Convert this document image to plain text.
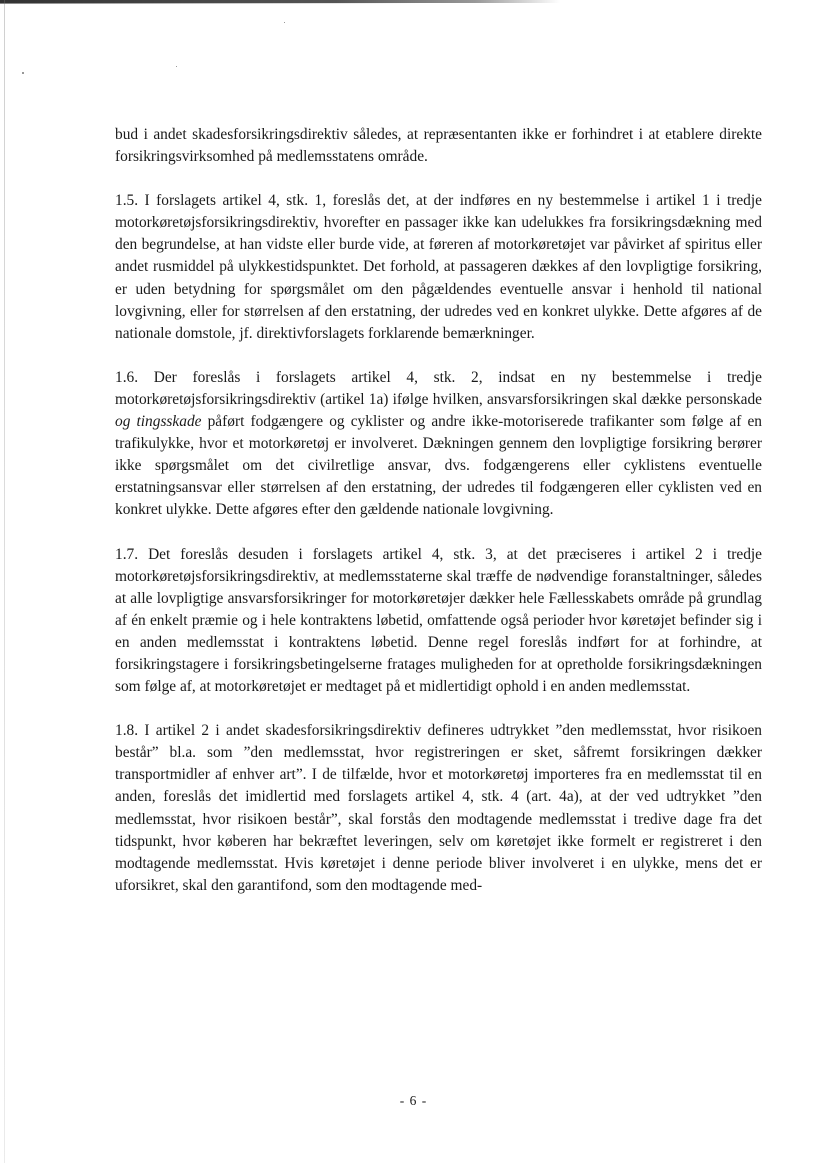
bud i andet skadesforsikringsdirektiv således, at repræsentanten ikke er forhindret i at etablere direkte forsikringsvirksomhed på medlemsstatens område.

1.5. I forslagets artikel 4, stk. 1, foreslås det, at der indføres en ny bestemmelse i artikel 1 i tredje motorkøretøjsforsikringsdirektiv, hvorefter en passager ikke kan udelukkes fra forsikringsdækning med den begrundelse, at han vidste eller burde vide, at føreren af motorkøretøjet var påvirket af spiritus eller andet rusmiddel på ulykkestidspunktet. Det forhold, at passageren dækkes af den lovpligtige forsikring, er uden betydning for spørgsmålet om den pågældendes eventuelle ansvar i henhold til national lovgivning, eller for størrelsen af den erstatning, der udredes ved en konkret ulykke. Dette afgøres af de nationale domstole, jf. direktivforslagets forklarende bemærkninger.

1.6. Der foreslås i forslagets artikel 4, stk. 2, indsat en ny bestemmelse i tredje motorkøretøjsforsikringsdirektiv (artikel 1a) ifølge hvilken, ansvarsforsikringen skal dække personskade og tingsskade påført fodgængere og cyklister og andre ikke-motoriserede trafikanter som følge af en trafikulykke, hvor et motorkøretøj er involveret. Dækningen gennem den lovpligtige forsikring berører ikke spørgsmålet om det civilretlige ansvar, dvs. fodgængerens eller cyklistens eventuelle erstatningsansvar eller størrelsen af den erstatning, der udredes til fodgængeren eller cyklisten ved en konkret ulykke. Dette afgøres efter den gældende nationale lovgivning.

1.7. Det foreslås desuden i forslagets artikel 4, stk. 3, at det præciseres i artikel 2 i tredje motorkøretøjsforsikringsdirektiv, at medlemsstaterne skal træffe de nødvendige foranstaltninger, således at alle lovpligtige ansvarsforsikringer for motorkøretøjer dækker hele Fællesskabets område på grundlag af én enkelt præmie og i hele kontraktens løbetid, omfattende også perioder hvor køretøjet befinder sig i en anden medlemsstat i kontraktens løbetid. Denne regel foreslås indført for at forhindre, at forsikringstagere i forsikringsbetingelserne fratages muligheden for at opretholde forsikringsdækningen som følge af, at motorkøretøjet er medtaget på et midlertidigt ophold i en anden medlemsstat.

1.8. I artikel 2 i andet skadesforsikringsdirektiv defineres udtrykket ”den medlemsstat, hvor risikoen består” bl.a. som ”den medlemsstat, hvor registreringen er sket, såfremt forsikringen dækker transportmidler af enhver art”. I de tilfælde, hvor et motorkøretøj importeres fra en medlemsstat til en anden, foreslås det imidlertid med forslagets artikel 4, stk. 4 (art. 4a), at der ved udtrykket ”den medlemsstat, hvor risikoen består”, skal forstås den modtagende medlemsstat i tredive dage fra det tidspunkt, hvor køberen har bekræftet leveringen, selv om køretøjet ikke formelt er registreret i den modtagende medlemsstat. Hvis køretøjet i denne periode bliver involveret i en ulykke, mens det er uforsikret, skal den garantifond, som den modtagende med-

- 6 -
